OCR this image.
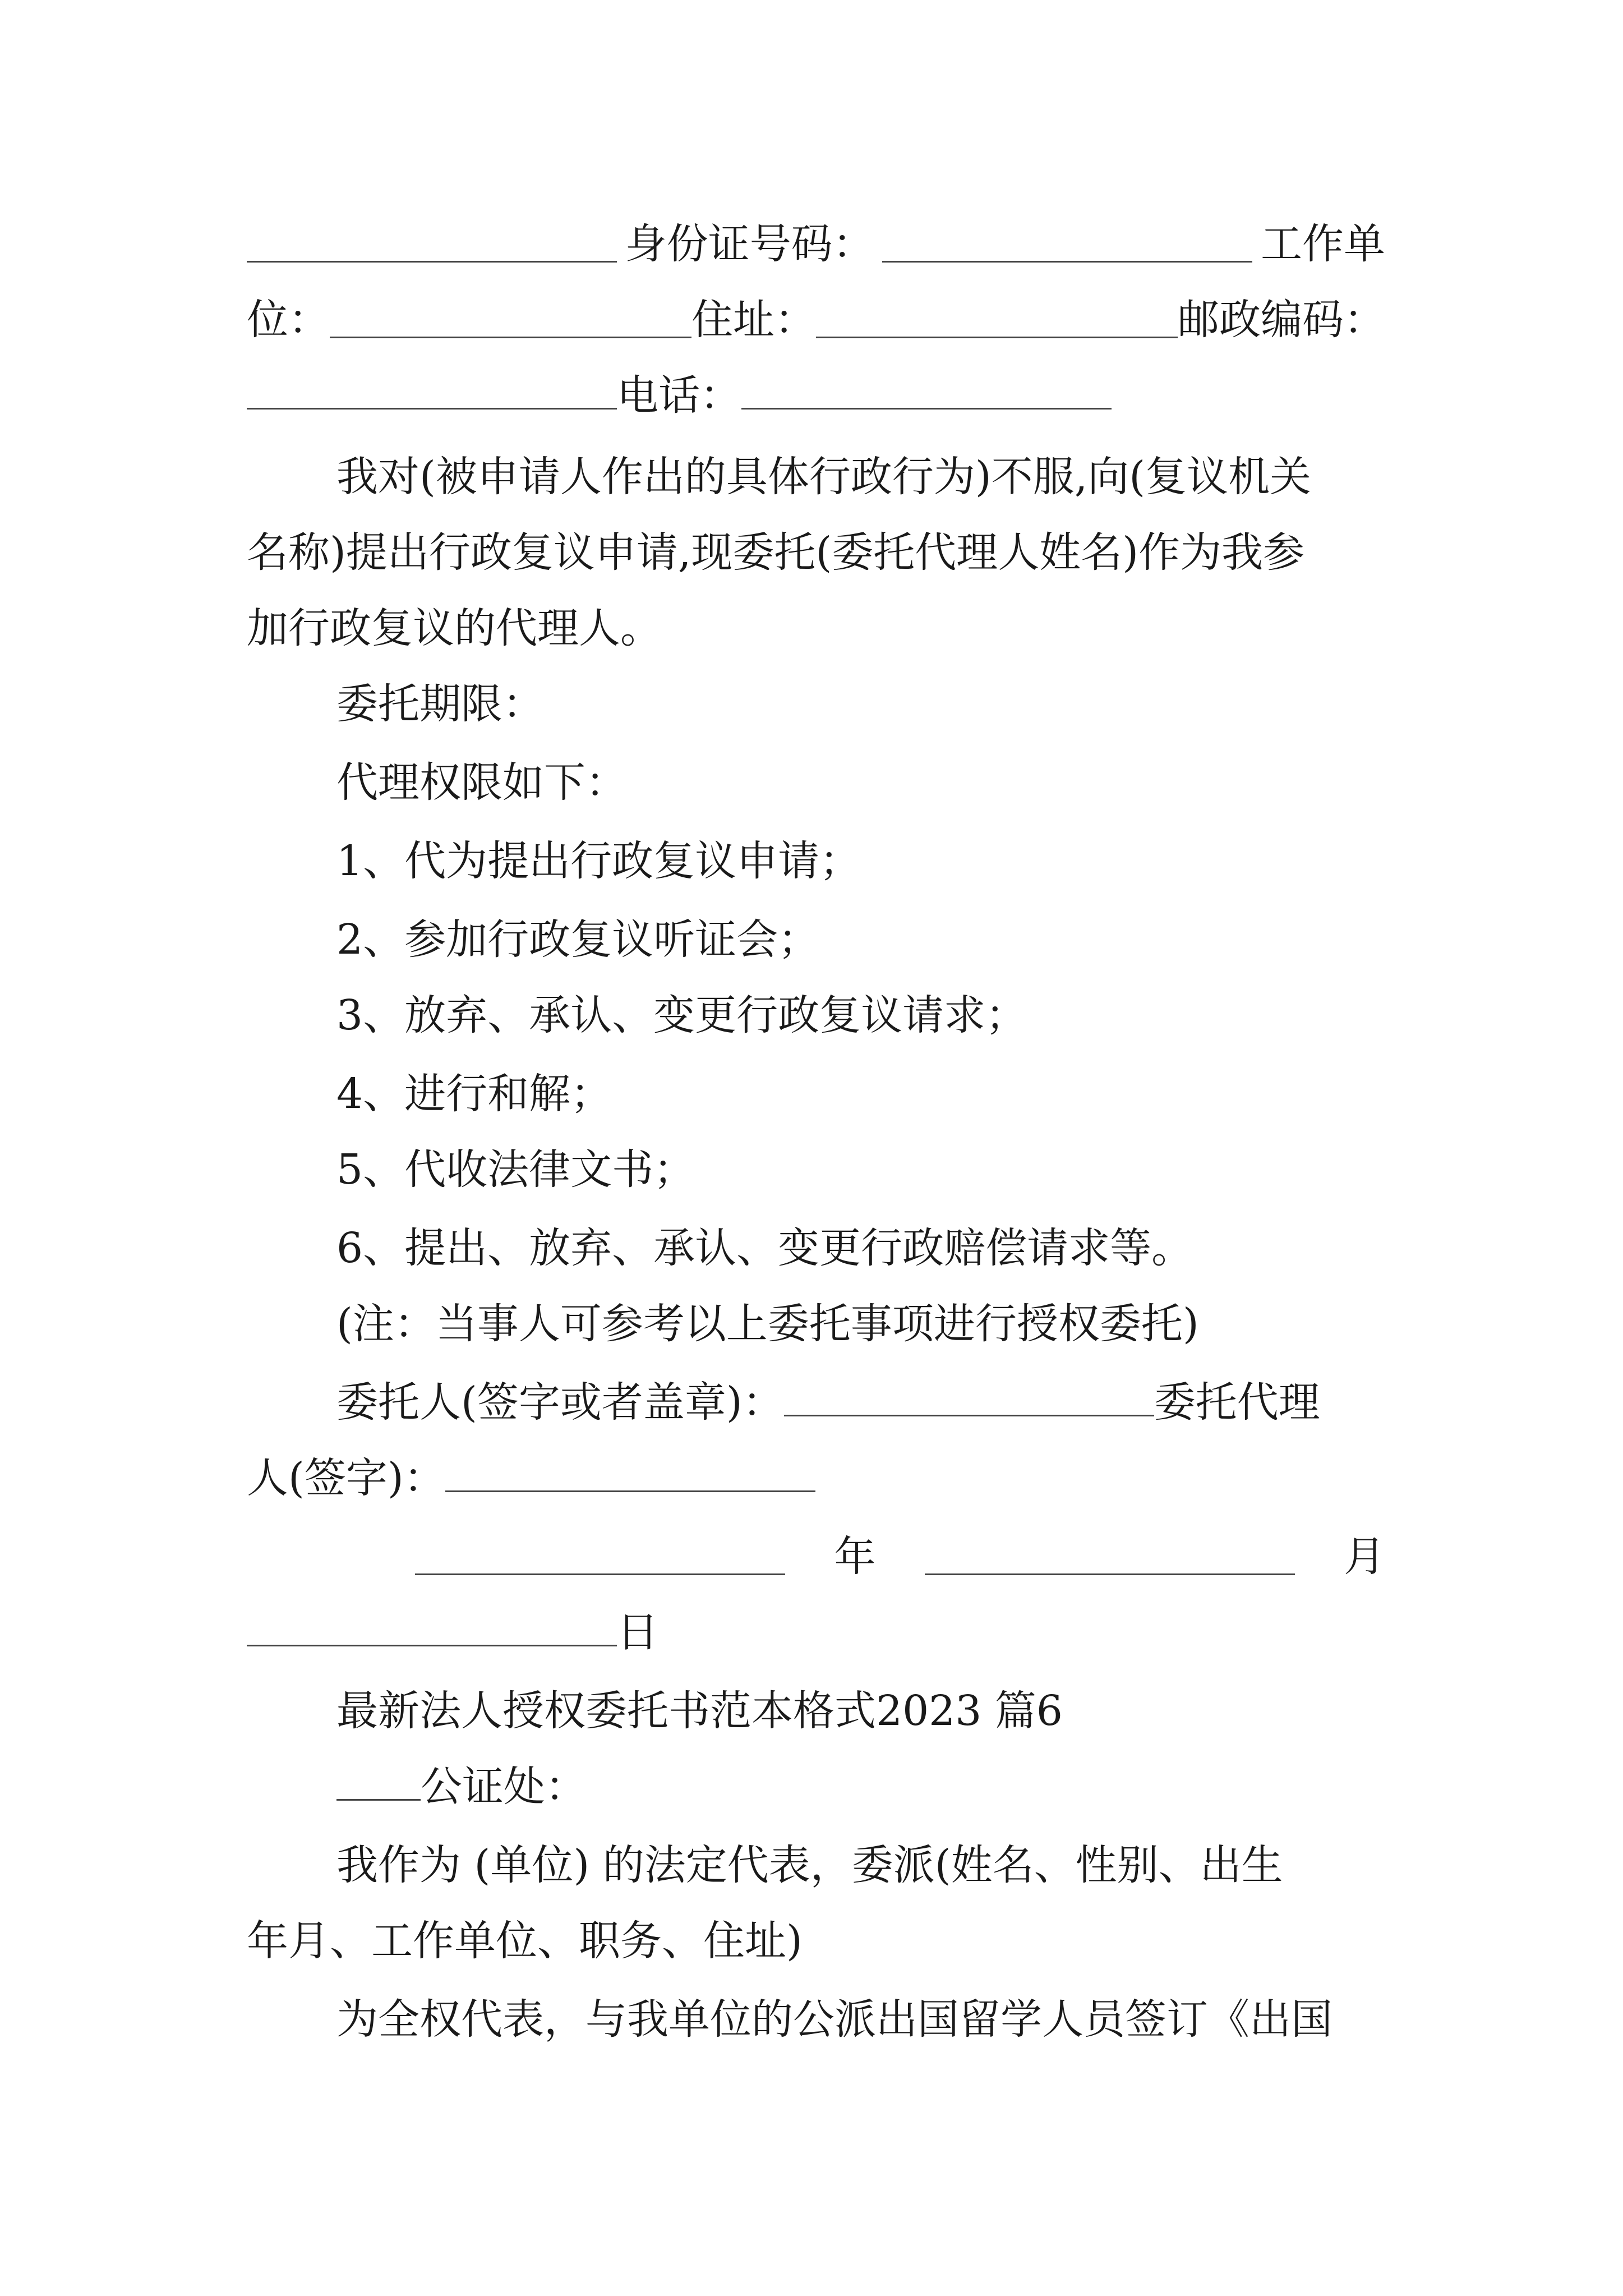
身份证号码：	工作单
位：	住址：	邮政编码：
电话：
我对(被申请人作出的具体行政行为)不服,向(复议机关
名称)提出行政复议申请,现委托(委托代理人姓名)作为我参
加行政复议的代理人。
委托期限：
代理权限如下：
1、代为提出行政复议申请；
2、参加行政复议听证会；
3、放弃、承认、变更行政复议请求；
4、进行和解；
5、代收法律文书；
6、提出、放弃、承认、变更行政赔偿请求等。
(注：当事人可参考以上委托事项进行授权委托)
委托人(签字或者盖章)：	委托代理
人(签字)：
年	月
日
最新法人授权委托书范本格式2023 篇6
公证处：
我作为 (单位) 的法定代表，委派(姓名、性别、出生
年月、工作单位、职务、住址)
为全权代表，与我单位的公派出国留学人员签订《出国
